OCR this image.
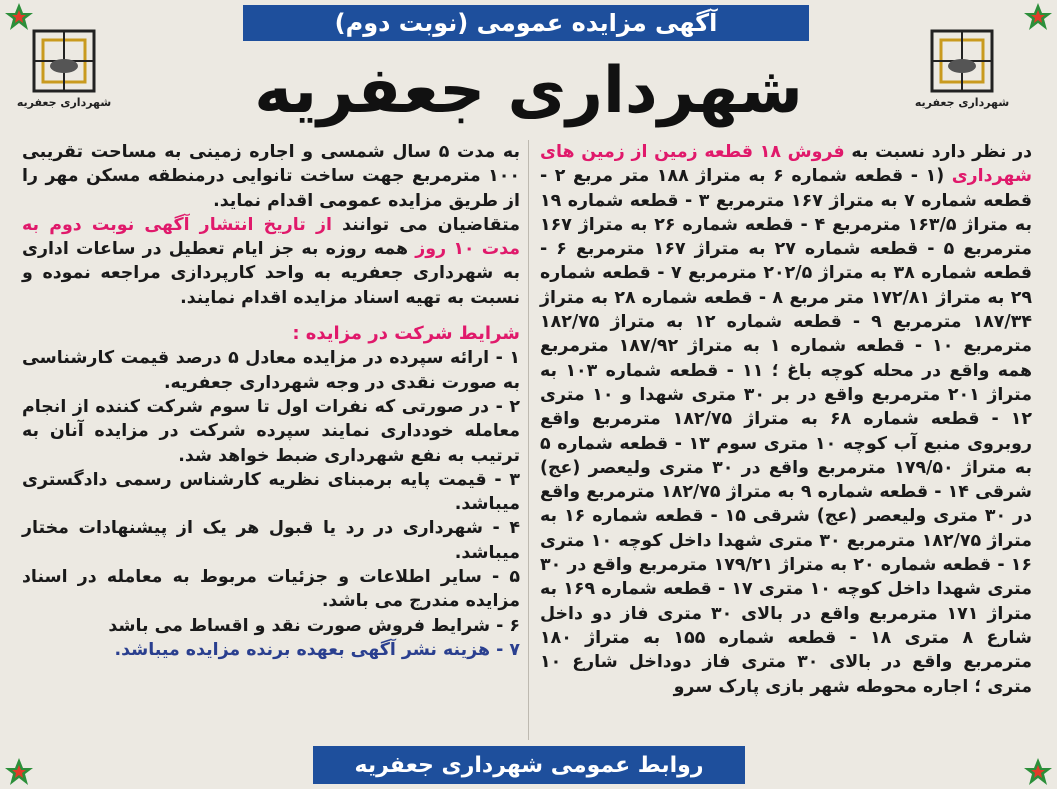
آگهی مزایده عمومی (نوبت دوم)
شهرداری جعفریه	شهرداری جعفریه
شهرداری جعفریه

در نظر دارد نسبت به فروش ۱۸ قطعه زمین از زمین های شهرداری (۱ - قطعه شماره ۶ به متراژ ۱۸۸ متر مربع ۲ - قطعه شماره ۷ به متراژ ۱۶۷ مترمربع ۳ - قطعه شماره ۱۹ به متراژ ۱۶۳/۵ مترمربع ۴ - قطعه شماره ۲۶ به متراژ ۱۶۷ مترمربع ۵ - قطعه شماره ۲۷ به متراژ ۱۶۷ مترمربع ۶ - قطعه شماره ۳۸ به متراژ ۲۰۲/۵ مترمربع ۷ - قطعه شماره ۲۹ به متراژ ۱۷۲/۸۱ متر مربع ۸ - قطعه شماره ۲۸ به متراژ ۱۸۷/۳۴ مترمربع ۹ - قطعه شماره ۱۲ به متراژ ۱۸۲/۷۵ مترمربع ۱۰ - قطعه شماره ۱ به متراژ ۱۸۷/۹۲ مترمربع همه واقع در محله کوچه باغ ؛ ۱۱ - قطعه شماره ۱۰۳ به متراژ ۲۰۱ مترمربع واقع در بر ۳۰ متری شهدا و ۱۰ متری ۱۲ - قطعه شماره ۶۸ به متراژ ۱۸۲/۷۵ مترمربع واقع روبروی منبع آب کوچه ۱۰ متری سوم ۱۳ - قطعه شماره ۵ به متراژ ۱۷۹/۵۰ مترمربع واقع در ۳۰ متری ولیعصر (عج) شرقی ۱۴ - قطعه شماره ۹ به متراژ ۱۸۲/۷۵ مترمربع واقع در ۳۰ متری ولیعصر (عج) شرقی ۱۵ - قطعه شماره ۱۶ به متراژ ۱۸۲/۷۵ مترمربع ۳۰ متری شهدا داخل کوچه ۱۰ متری ۱۶ - قطعه شماره ۲۰ به متراژ ۱۷۹/۲۱ مترمربع واقع در ۳۰ متری شهدا داخل کوچه ۱۰ متری ۱۷ - قطعه شماره ۱۶۹ به متراژ ۱۷۱ مترمربع واقع در بالای ۳۰ متری فاز دو داخل شارع ۸ متری ۱۸ - قطعه شماره ۱۵۵ به متراژ ۱۸۰ مترمربع واقع در بالای ۳۰ متری فاز دوداخل شارع ۱۰ متری ؛ اجاره محوطه شهر بازی پارک سرو

به مدت ۵ سال شمسی و اجاره زمینی به مساحت تقریبی ۱۰۰ مترمربع جهت ساخت تانوایی درمنطقه مسکن مهر را از طریق مزایده عمومی اقدام نماید.

متقاضیان می توانند از تاریخ انتشار آگهی نوبت دوم به مدت ۱۰ روز همه روزه به جز ایام تعطیل در ساعات اداری به شهرداری جعفریه به واحد کارپردازی مراجعه نموده و نسبت به تهیه اسناد مزایده اقدام نمایند.

شرایط شرکت در مزایده :

۱ - ارائه سپرده در مزایده معادل ۵ درصد قیمت کارشناسی به صورت نقدی در وجه شهرداری جعفریه.

۲ - در صورتی که نفرات اول تا سوم شرکت کننده از انجام معامله خودداری نمایند سپرده شرکت در مزایده آنان به ترتیب به نفع شهرداری ضبط خواهد شد.

۳ - قیمت پایه برمبنای نظریه کارشناس رسمی دادگستری میباشد.

۴ - شهرداری در رد یا قبول هر یک از پیشنهادات مختار میباشد.

۵ - سایر اطلاعات و جزئیات مربوط به معامله در اسناد مزایده مندرج می باشد.

۶ - شرایط فروش صورت نقد و اقساط می باشد

۷ - هزینه نشر آگهی بعهده برنده مزایده میباشد.

روابط عمومی شهرداری جعفریه
